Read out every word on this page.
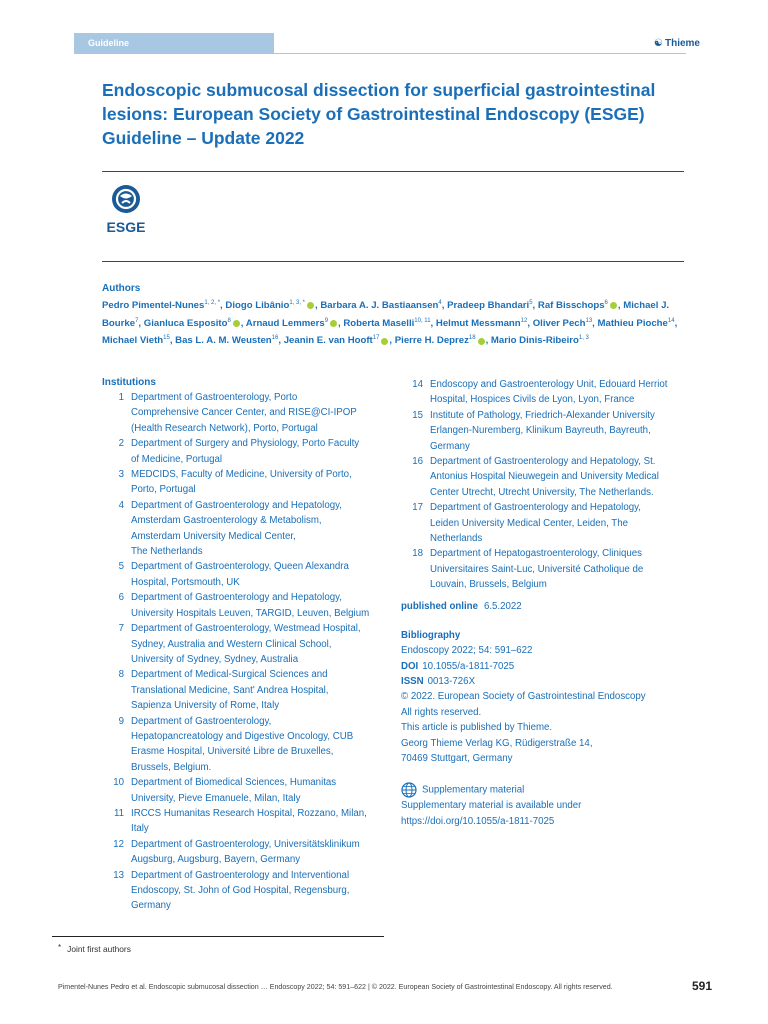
Guideline	☯ Thieme
Endoscopic submucosal dissection for superficial gastrointestinal lesions: European Society of Gastrointestinal Endoscopy (ESGE) Guideline – Update 2022
ESGE
Authors
Pedro Pimentel-Nunes$^{1, 2, *}$, Diogo Libânio$^{1, 3, *}$ , Barbara A. J. Bastiaansen$^4$, Pradeep Bhandari$^5$, Raf Bisschops$^6$ , Michael J. Bourke$^7$, Gianluca Esposito$^8$ , Arnaud Lemmers$^9$ , Roberta Maselli$^{10, 11}$, Helmut Messmann$^{12}$, Oliver Pech$^{13}$, Mathieu Pioche$^{14}$, Michael Vieth$^{15}$, Bas L. A. M. Weusten$^{16}$, Jeanin E. van Hooft$^{17}$ , Pierre H. Deprez$^{18}$ , Mario Dinis-Ribeiro$^{1, 3}$
Institutions
1 Department of Gastroenterology, Porto
Comprehensive Cancer Center, and RISE@CI-IPOP
(Health Research Network), Porto, Portugal
2 Department of Surgery and Physiology, Porto Faculty
of Medicine, Portugal
3 MEDCIDS, Faculty of Medicine, University of Porto,
Porto, Portugal
4 Department of Gastroenterology and Hepatology,
Amsterdam Gastroenterology & Metabolism,
Amsterdam University Medical Center,
The Netherlands
5 Department of Gastroenterology, Queen Alexandra
Hospital, Portsmouth, UK
6 Department of Gastroenterology and Hepatology,
University Hospitals Leuven, TARGID, Leuven, Belgium
7 Department of Gastroenterology, Westmead Hospital,
Sydney, Australia and Western Clinical School,
University of Sydney, Sydney, Australia
8 Department of Medical-Surgical Sciences and
Translational Medicine, Sant' Andrea Hospital,
Sapienza University of Rome, Italy
9 Department of Gastroenterology,
Hepatopancreatology and Digestive Oncology, CUB
Erasme Hospital, Université Libre de Bruxelles,
Brussels, Belgium.
10 Department of Biomedical Sciences, Humanitas
University, Pieve Emanuele, Milan, Italy
11 IRCCS Humanitas Research Hospital, Rozzano, Milan,
Italy
12 Department of Gastroenterology, Universitätsklinikum
Augsburg, Augsburg, Bayern, Germany
13 Department of Gastroenterology and Interventional
Endoscopy, St. John of God Hospital, Regensburg,
Germany
14 Endoscopy and Gastroenterology Unit, Edouard Herriot
Hospital, Hospices Civils de Lyon, Lyon, France
15 Institute of Pathology, Friedrich-Alexander University
Erlangen-Nuremberg, Klinikum Bayreuth, Bayreuth,
Germany
16 Department of Gastroenterology and Hepatology, St.
Antonius Hospital Nieuwegein and University Medical
Center Utrecht, Utrecht University, The Netherlands.
17 Department of Gastroenterology and Hepatology,
Leiden University Medical Center, Leiden, The
Netherlands
18 Department of Hepatogastroenterology, Cliniques
Universitaires Saint-Luc, Université Catholique de
Louvain, Brussels, Belgium
published online 6.5.2022
Bibliography
Endoscopy 2022; 54: 591–622
DOI 10.1055/a-1811-7025
ISSN 0013-726X
© 2022. European Society of Gastrointestinal Endoscopy
All rights reserved.
This article is published by Thieme.
Georg Thieme Verlag KG, Rüdigerstraße 14,
70469 Stuttgart, Germany
Supplementary material
Supplementary material is available under
https://doi.org/10.1055/a-1811-7025
* Joint first authors
Pimentel-Nunes Pedro et al. Endoscopic submucosal dissection … Endoscopy 2022; 54: 591–622 | © 2022. European Society of Gastrointestinal Endoscopy. All rights reserved.	591
